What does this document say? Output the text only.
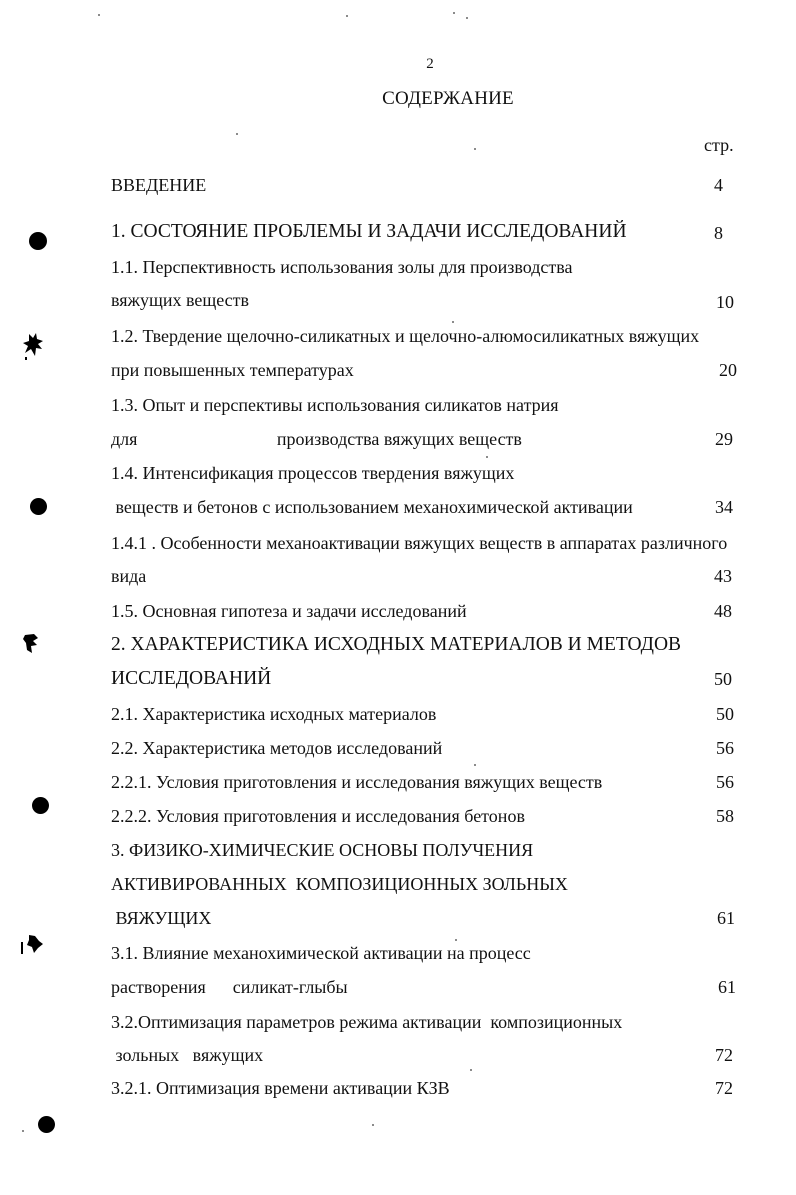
2
СОДЕРЖАНИЕ
стр.
ВВЕДЕНИЕ	4
1. СОСТОЯНИЕ ПРОБЛЕМЫ И ЗАДАЧИ ИССЛЕДОВАНИЙ	8
1.1. Перспективность использования золы для производства
вяжущих веществ	10
1.2. Твердение щелочно-силикатных и щелочно-алюмосиликатных вяжущих
при повышенных температурах	20
1.3. Опыт и перспективы использования силикатов натрия
для                               производства вяжущих веществ	29
1.4. Интенсификация процессов твердения вяжущих
веществ и бетонов с использованием механохимической активации	34
1.4.1 . Особенности механоактивации вяжущих веществ в аппаратах различного
вида	43
1.5. Основная гипотеза и задачи исследований	48
2. ХАРАКТЕРИСТИКА ИСХОДНЫХ МАТЕРИАЛОВ И МЕТОДОВ
ИССЛЕДОВАНИЙ	50
2.1. Характеристика исходных материалов	50
2.2. Характеристика методов исследований	56
2.2.1. Условия приготовления и исследования вяжущих веществ	56
2.2.2. Условия приготовления и исследования бетонов	58
3. ФИЗИКО-ХИМИЧЕСКИЕ ОСНОВЫ ПОЛУЧЕНИЯ
АКТИВИРОВАННЫХ  КОМПОЗИЦИОННЫХ ЗОЛЬНЫХ
ВЯЖУЩИХ	61
3.1. Влияние механохимической активации на процесс
растворения      силикат-глыбы	61
3.2.Оптимизация параметров режима активации  композиционных
зольных   вяжущих	72
3.2.1. Оптимизация времени активации КЗВ	72
